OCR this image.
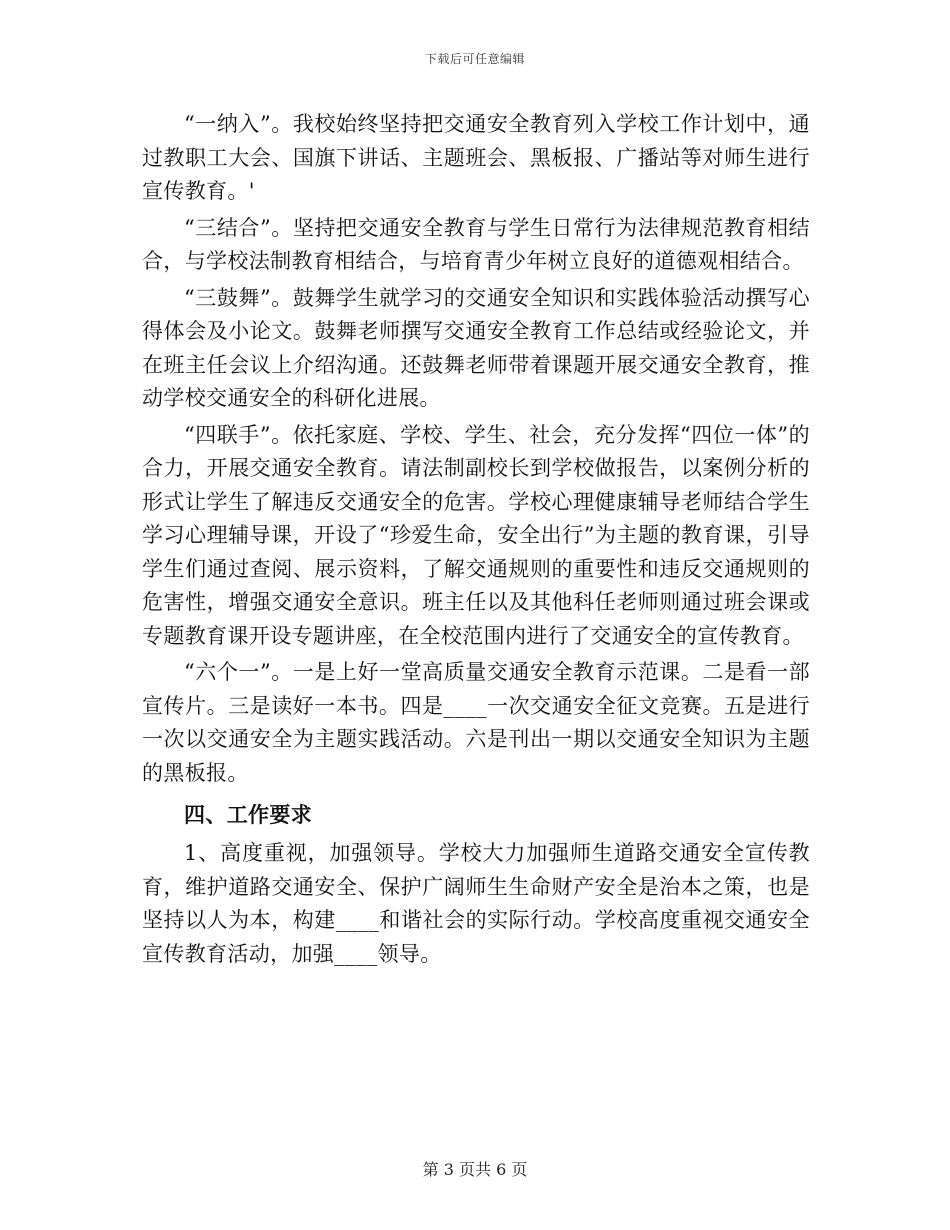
下载后可任意编辑

“一纳入”。我校始终坚持把交通安全教育列入学校工作计划中，通过教职工大会、国旗下讲话、主题班会、黑板报、广播站等对师生进行宣传教育。'

“三结合”。坚持把交通安全教育与学生日常行为法律规范教育相结合，与学校法制教育相结合，与培育青少年树立良好的道德观相结合。

“三鼓舞”。鼓舞学生就学习的交通安全知识和实践体验活动撰写心得体会及小论文。鼓舞老师撰写交通安全教育工作总结或经验论文，并在班主任会议上介绍沟通。还鼓舞老师带着课题开展交通安全教育，推动学校交通安全的科研化进展。

“四联手”。依托家庭、学校、学生、社会，充分发挥“四位一体”的合力，开展交通安全教育。请法制副校长到学校做报告，以案例分析的形式让学生了解违反交通安全的危害。学校心理健康辅导老师结合学生学习心理辅导课，开设了“珍爱生命，安全出行”为主题的教育课，引导学生们通过查阅、展示资料，了解交通规则的重要性和违反交通规则的危害性，增强交通安全意识。班主任以及其他科任老师则通过班会课或专题教育课开设专题讲座，在全校范围内进行了交通安全的宣传教育。

“六个一”。一是上好一堂高质量交通安全教育示范课。二是看一部宣传片。三是读好一本书。四是____一次交通安全征文竞赛。五是进行一次以交通安全为主题实践活动。六是刊出一期以交通安全知识为主题的黑板报。

四、工作要求

1、高度重视，加强领导。学校大力加强师生道路交通安全宣传教育，维护道路交通安全、保护广阔师生生命财产安全是治本之策，也是坚持以人为本，构建____和谐社会的实际行动。学校高度重视交通安全宣传教育活动，加强____领导。

第 3 页共 6 页
